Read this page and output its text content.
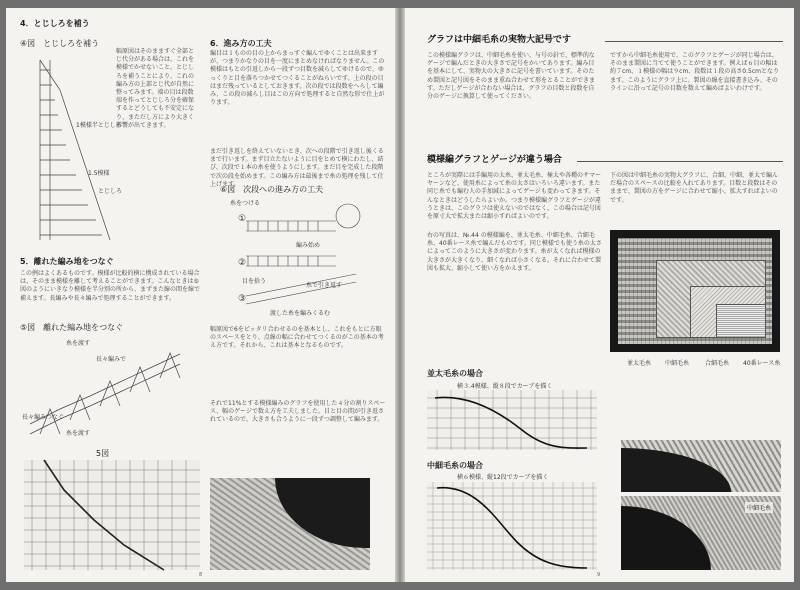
4．とじしろを補う
④図　とじしろを補う
1模様半とじしろ
1.5模様
とじしろ
幅原図はそのまますぐ全部とじ代分がある場合は、これを模様でかせないこと。とじしろを補うことにより、これの編み方の上部とじ代が自然に整ってみます。端の目は段数端を作ってとじしろ分を確保するとどうしても不安定になり、まただし方により大きく影響が出てきます。
5．離れた編み地をつなぐ
この例はよくあるものです。模様が比較的横に構成されている場合は、そのまま模様を離して考えることができます。こんなときは⑤図のようにいきなり模様を半分別の所から、まずまた線の間を線で補えます。長編みや長々編みで処理することができます。
⑤図　離れた編み地をつなぐ
糸を渡す
長々編みで
長々編みつなぐ
糸を渡す
5図
6．進み方の工夫
編目は１ものの目の上からまっすぐ編んでゆくことは出来ますが、つまりかなりの目を一度にまとめなければなりません。この模様はもとの引返しから一段ずつ目数を減らしてゆけるので、ゆっくりと目を落ちつかせてつくることがねらいです。上の段の目はまだ残っているとしておきます。次の段では段数をへらして編み、この段の減らし目はこの方向で処理すると自然な形で仕上がります。
まだ引き返しを終えていないとき、次への段階で引き返し後くるまで行います。まず目立たないように目をとめて横にわたし、結び、次段で１本の糸を使うようにします。まだ目を完成した段階で次の段を始めます。この編み方は最後まで糸の処理を残して仕上げます。
⑥図　次段への進み方の工夫
①
②
③
糸をつける
編み始め
目を拾う
糸で引き返す
渡した糸を編みくるむ
幅原図で6をピッタリ合わせるのを基本とし、これをもとに方眼のスペースをとり、点線の幅に合わせてつくるのがこの基本の考え方です。それから、これは基本となるものです。
それで11%とする模様編みのグラフを使用した４分の割りスペース、幅のゲージで数え方を工夫しました。目と目の間が引き返されているので、大きさも合うように一段ずつ調整して編みます。
8
グラフは中細毛糸の実物大記号です
この模様編グラフは、中細毛糸を使い、与号の針で、標準的なゲージで編んだときの大きさで記号をかいてあります。編み目を基本にして、実物大の大きさに記号を書いています。そのため製図と記号図をそのまま重ね合わせて形をとることができます。ただしゲージが合わない場合は、グラフの目数と段数を自分のゲージに換算して使ってください。
ですから中細毛糸使用で、このグラフとゲージが同じ場合は、そのまま製図に当てて使うことができます。例えば６目の幅は約７cm、１模様の幅は９cm、段数は１段の高さ0.5cmとなります。このようにグラフ上に、製図の線を直接書き込み、そのラインに沿って記号の目数を数えて編めばよいわけです。
模様編グラフとゲージが違う場合
ところが実際には手編用の太糸、並太毛糸、極太や各種のサマーヤーンなど、使用糸によって糸の太さはいろいろ違います。また同じ糸でも編む人の手加減によってゲージも変わってきます。そんなときはどうしたらよいか。つまり模様編グラフとゲージが違うときは、このグラフは使えないのではなく、この場合は記号図を原寸大で拡大または縮小すればよいのです。
右の写真は、№.44 の模様編を、並太毛糸、中細毛糸、合細毛糸、40番レース糸で編んだものです。同じ模様でも使う糸の太さによってこのように大きさが変わります。糸が太くなれば模様の大きさが大きくなり、細くなれば小さくなる。それに合わせて製図も拡大、縮小して使い方をかえます。
下の図は中細毛糸の実物大グラフに、合細、中細、並太で編んだ場合のスペースの比較を入れてあります。目数と段数はそのままで、製図の方をゲージに合わせて縮小、拡大すればよいのです。
並太毛糸 中細毛糸	合細毛糸 40番レース糸
並太毛糸の場合
横３.4模様、縦８段でカーブを描く
中細毛糸の場合
横６模様、縦12段でカーブを描く
中細毛糸
9
